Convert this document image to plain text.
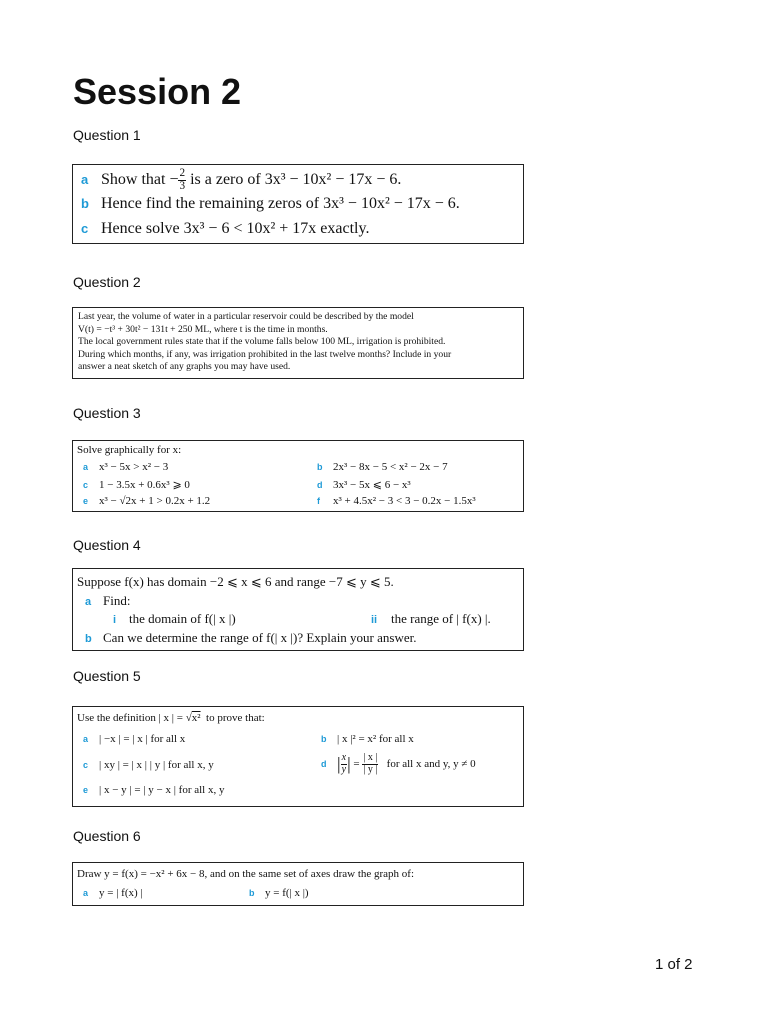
Session 2
Question 1
a Show that − $\frac{2}{3}$ is a zero of 3x³ − 10x² − 17x − 6.
b Hence find the remaining zeros of 3x³ − 10x² − 17x − 6.
c Hence solve 3x³ − 6 < 10x² + 17x exactly.
Question 2
Last year, the volume of water in a particular reservoir could be described by the model
V(t) = −t³ + 30t² − 131t + 250 ML, where t is the time in months.
The local government rules state that if the volume falls below 100 ML, irrigation is prohibited.
During which months, if any, was irrigation prohibited in the last twelve months? Include in your
answer a neat sketch of any graphs you may have used.
Question 3
Solve graphically for x:
a x³ − 5x > x² − 3	b 2x³ − 8x − 5 < x² − 2x − 7
c 1 − 3.5x + 0.6x³ ⩾ 0	d 3x³ − 5x ⩽ 6 − x³
e x³ − √2x + 1 > 0.2x + 1.2	f x³ + 4.5x² − 3 < 3 − 0.2x − 1.5x³
Question 4
Suppose f(x) has domain −2 ⩽ x ⩽ 6 and range −7 ⩽ y ⩽ 5.
a Find:
i the domain of f(| x |)	ii the range of | f(x) |.
b Can we determine the range of f(| x |)? Explain your answer.
Question 5
Use the definition | x | = √x² to prove that:
a | −x | = | x | for all x	b | x |² = x² for all x
c | xy | = | x | | y | for all x, y	d | $\frac{x}{y}$ | = $\frac{| x |}{| y |}$ for all x and y, y ≠ 0
e | x − y | = | y − x | for all x, y
Question 6
Draw y = f(x) = −x² + 6x − 8, and on the same set of axes draw the graph of:
a y = | f(x) |	b y = f(| x |)
1 of 2
